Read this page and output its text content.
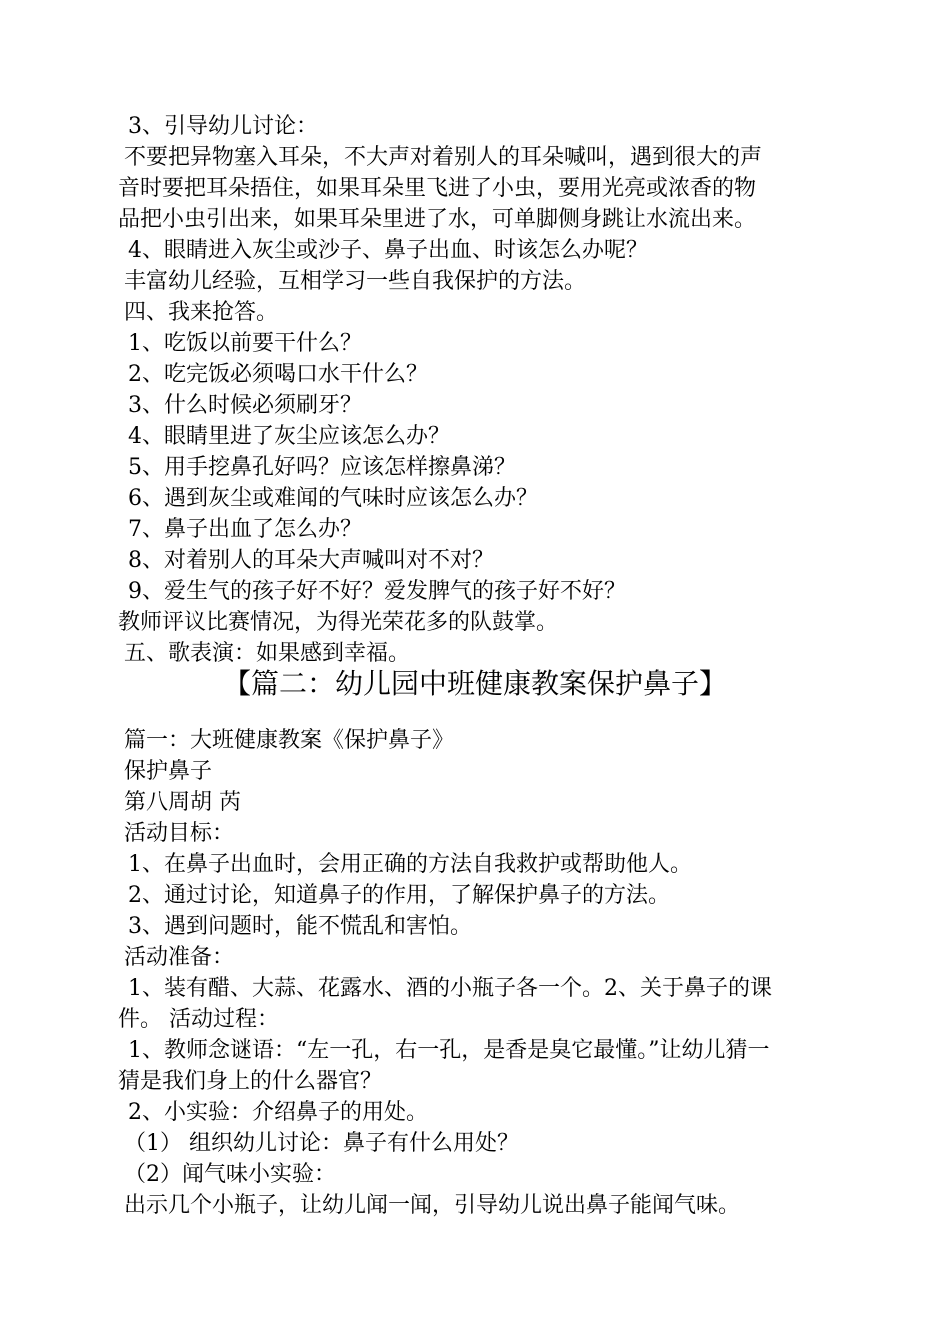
3、引导幼儿讨论：
不要把异物塞入耳朵，不大声对着别人的耳朵喊叫，遇到很大的声
音时要把耳朵捂住，如果耳朵里飞进了小虫，要用光亮或浓香的物
品把小虫引出来，如果耳朵里进了水，可单脚侧身跳让水流出来。
4、眼睛进入灰尘或沙子、鼻子出血、时该怎么办呢？
丰富幼儿经验，互相学习一些自我保护的方法。
四、我来抢答。
1、吃饭以前要干什么？
2、吃完饭必须喝口水干什么？
3、什么时候必须刷牙？
4、眼睛里进了灰尘应该怎么办？
5、用手挖鼻孔好吗？应该怎样擦鼻涕？
6、遇到灰尘或难闻的气味时应该怎么办？
7、鼻子出血了怎么办？
8、对着别人的耳朵大声喊叫对不对？
9、爱生气的孩子好不好？爱发脾气的孩子好不好？
教师评议比赛情况，为得光荣花多的队鼓掌。
五、歌表演：如果感到幸福。
【篇二：幼儿园中班健康教案保护鼻子】
篇一：大班健康教案《保护鼻子》
保护鼻子
第八周胡 芮
活动目标：
1、在鼻子出血时，会用正确的方法自我救护或帮助他人。
2、通过讨论，知道鼻子的作用，了解保护鼻子的方法。
3、遇到问题时，能不慌乱和害怕。
活动准备：
1、装有醋、大蒜、花露水、酒的小瓶子各一个。2、关于鼻子的课
件。 活动过程：
1、教师念谜语：“左一孔，右一孔，是香是臭它最懂。”让幼儿猜一
猜是我们身上的什么器官？
2、小实验：介绍鼻子的用处。
（1） 组织幼儿讨论：鼻子有什么用处？
（2）闻气味小实验：
出示几个小瓶子，让幼儿闻一闻，引导幼儿说出鼻子能闻气味。
